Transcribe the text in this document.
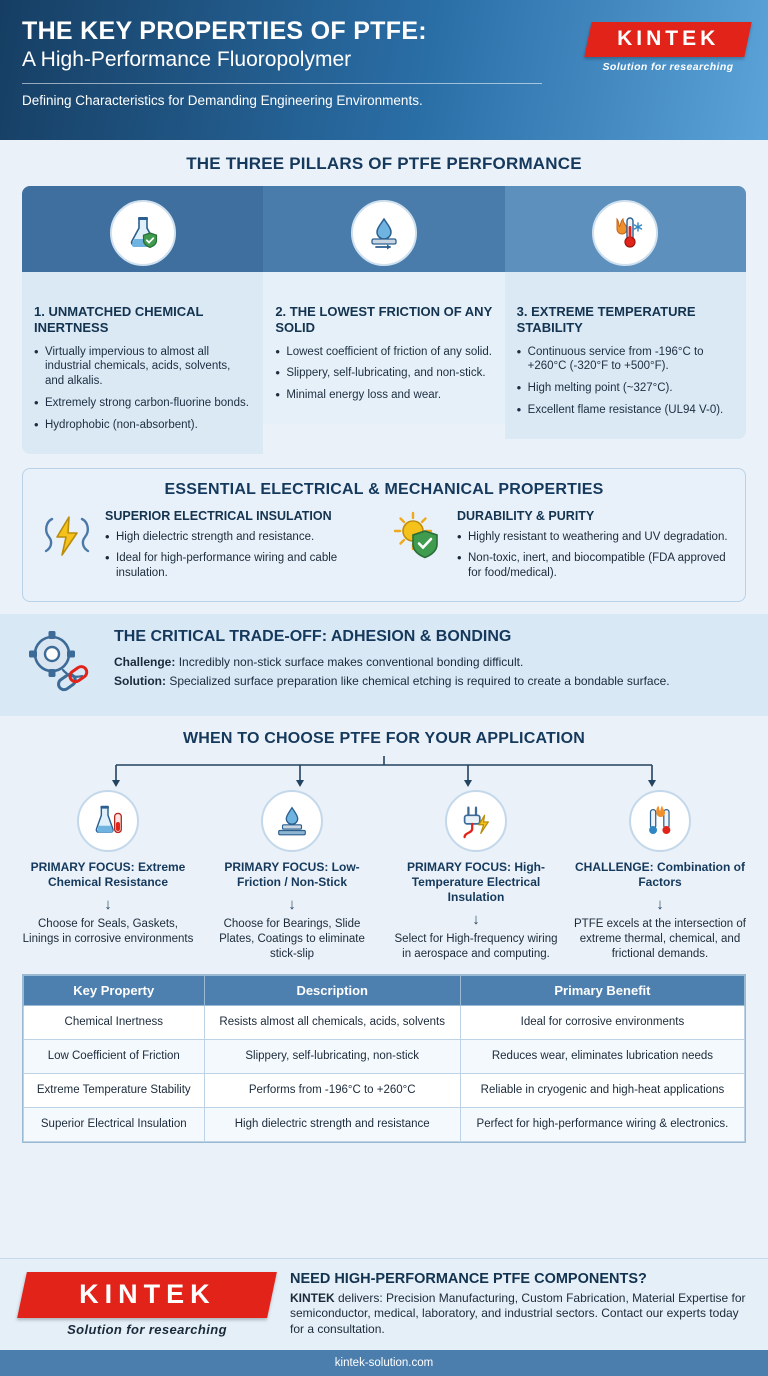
THE KEY PROPERTIES OF PTFE:
A High-Performance Fluoropolymer
Defining Characteristics for Demanding Engineering Environments.
KINTEK
Solution for researching
THE THREE PILLARS OF PTFE PERFORMANCE
1. UNMATCHED CHEMICAL INERTNESS
• Virtually impervious to almost all industrial chemicals, acids, solvents, and alkalis.
• Extremely strong carbon-fluorine bonds.
• Hydrophobic (non-absorbent).
2. THE LOWEST FRICTION OF ANY SOLID
• Lowest coefficient of friction of any solid.
• Slippery, self-lubricating, and non-stick.
• Minimal energy loss and wear.
3. EXTREME TEMPERATURE STABILITY
• Continuous service from -196°C to +260°C (-320°F to +500°F).
• High melting point (~327°C).
• Excellent flame resistance (UL94 V-0).
ESSENTIAL ELECTRICAL & MECHANICAL PROPERTIES
SUPERIOR ELECTRICAL INSULATION
• High dielectric strength and resistance.
• Ideal for high-performance wiring and cable insulation.
DURABILITY & PURITY
• Highly resistant to weathering and UV degradation.
• Non-toxic, inert, and biocompatible (FDA approved for food/medical).
THE CRITICAL TRADE-OFF: ADHESION & BONDING

Challenge: Incredibly non-stick surface makes conventional bonding difficult.

Solution: Specialized surface preparation like chemical etching is required to create a bondable surface.

WHEN TO CHOOSE PTFE FOR YOUR APPLICATION
PRIMARY FOCUS: Extreme Chemical Resistance
↓
Choose for Seals, Gaskets, Linings in corrosive environments
PRIMARY FOCUS: Low-Friction / Non-Stick
↓
Choose for Bearings, Slide Plates, Coatings to eliminate stick-slip
PRIMARY FOCUS: High-Temperature Electrical Insulation
↓
Select for High-frequency wiring in aerospace and computing.
CHALLENGE: Combination of Factors
↓
PTFE excels at the intersection of extreme thermal, chemical, and frictional demands.
Key Property	Description	Primary Benefit
Chemical Inertness	Resists almost all chemicals, acids, solvents	Ideal for corrosive environments
Low Coefficient of Friction	Slippery, self-lubricating, non-stick	Reduces wear, eliminates lubrication needs
Extreme Temperature Stability	Performs from -196°C to +260°C	Reliable in cryogenic and high-heat applications
Superior Electrical Insulation	High dielectric strength and resistance	Perfect for high-performance wiring & electronics.
KINTEK
Solution for researching
NEED HIGH-PERFORMANCE PTFE COMPONENTS?

KINTEK delivers: Precision Manufacturing, Custom Fabrication, Material Expertise for semiconductor, medical, laboratory, and industrial sectors. Contact our experts today for a consultation.

kintek-solution.com
